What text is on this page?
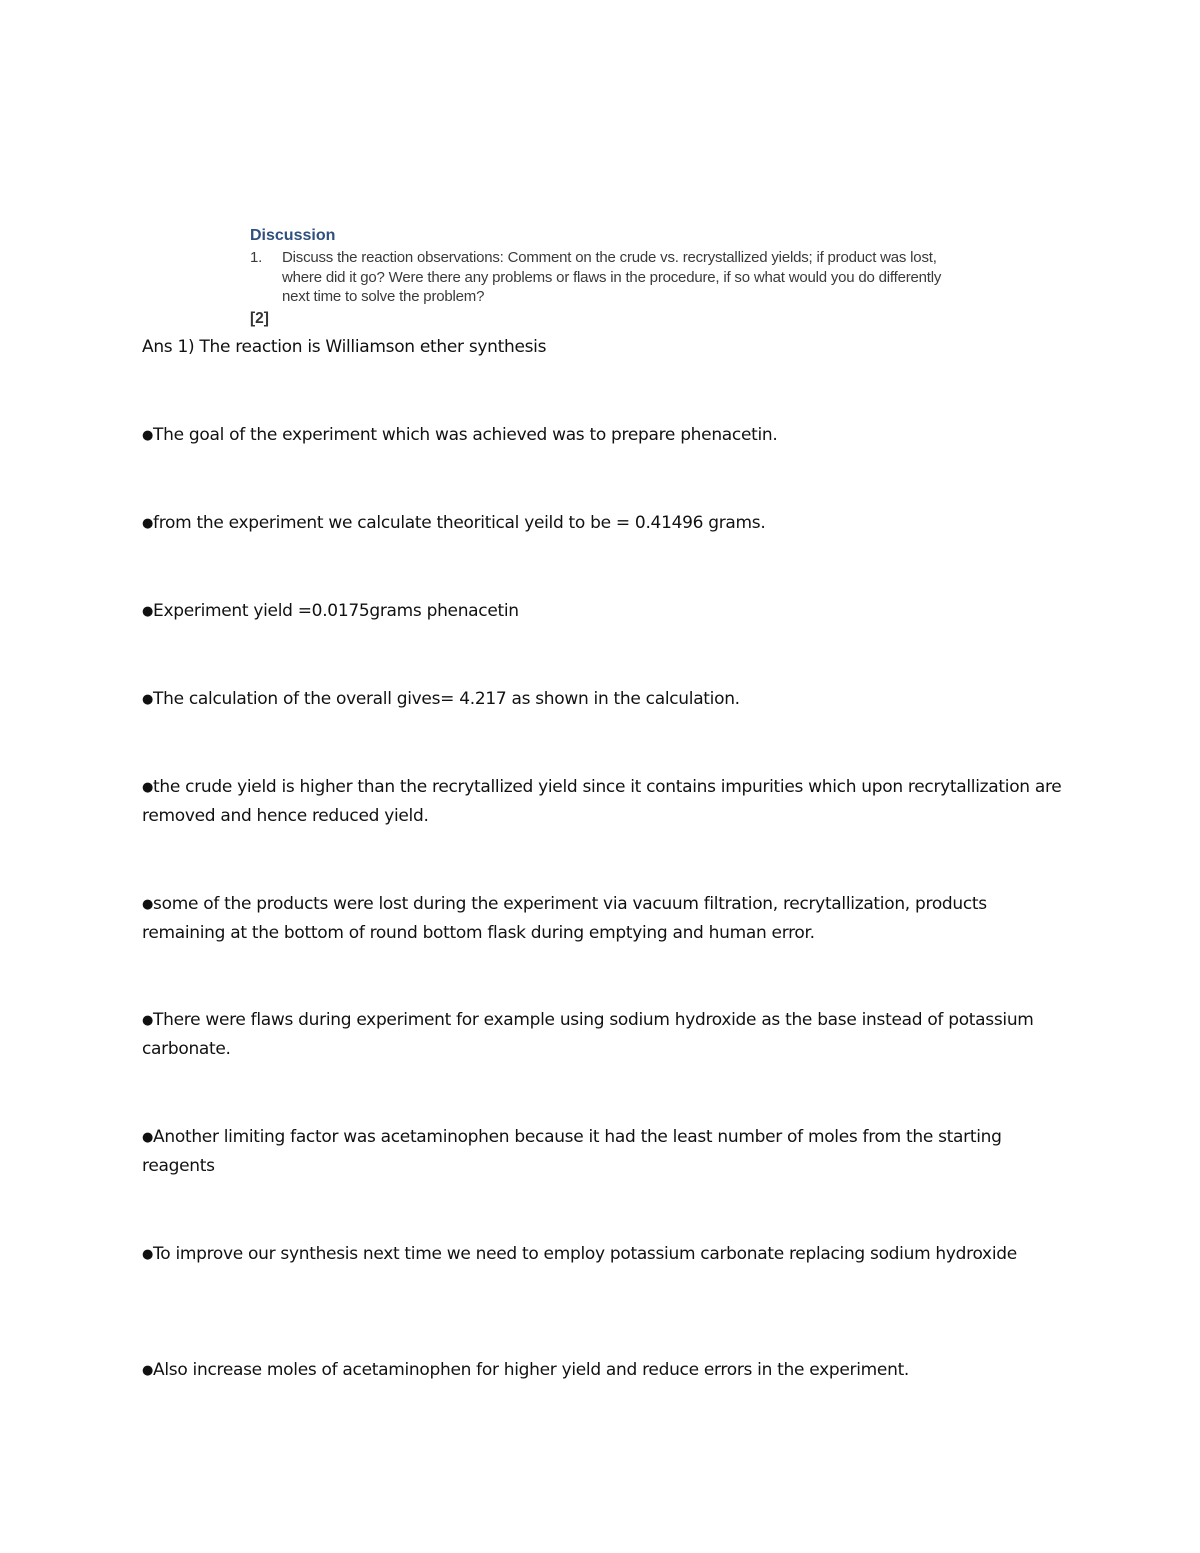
Discussion
1. Discuss the reaction observations: Comment on the crude vs. recrystallized yields; if product was lost, where did it go? Were there any problems or flaws in the procedure, if so what would you do differently next time to solve the problem?
[2]
Ans 1) The reaction is Williamson ether synthesis
●The goal of the experiment which was achieved was to prepare phenacetin.
●from the experiment we calculate theoritical yeild to be = 0.41496 grams.
●Experiment yield =0.0175grams phenacetin
●The calculation of the overall gives= 4.217 as shown in the calculation.
●the crude yield is higher than the recrytallized yield since it contains impurities which upon recrytallization are removed and hence reduced yield.
●some of the products were lost during the experiment via vacuum filtration, recrytallization, products remaining at the bottom of round bottom flask during emptying and human error.
●There were flaws during experiment for example using sodium hydroxide as the base instead of potassium carbonate.
●Another limiting factor was acetaminophen because it had the least number of moles from the starting reagents
●To improve our synthesis next time we need to employ potassium carbonate replacing sodium hydroxide
●Also increase moles of acetaminophen for higher yield and reduce errors in the experiment.
